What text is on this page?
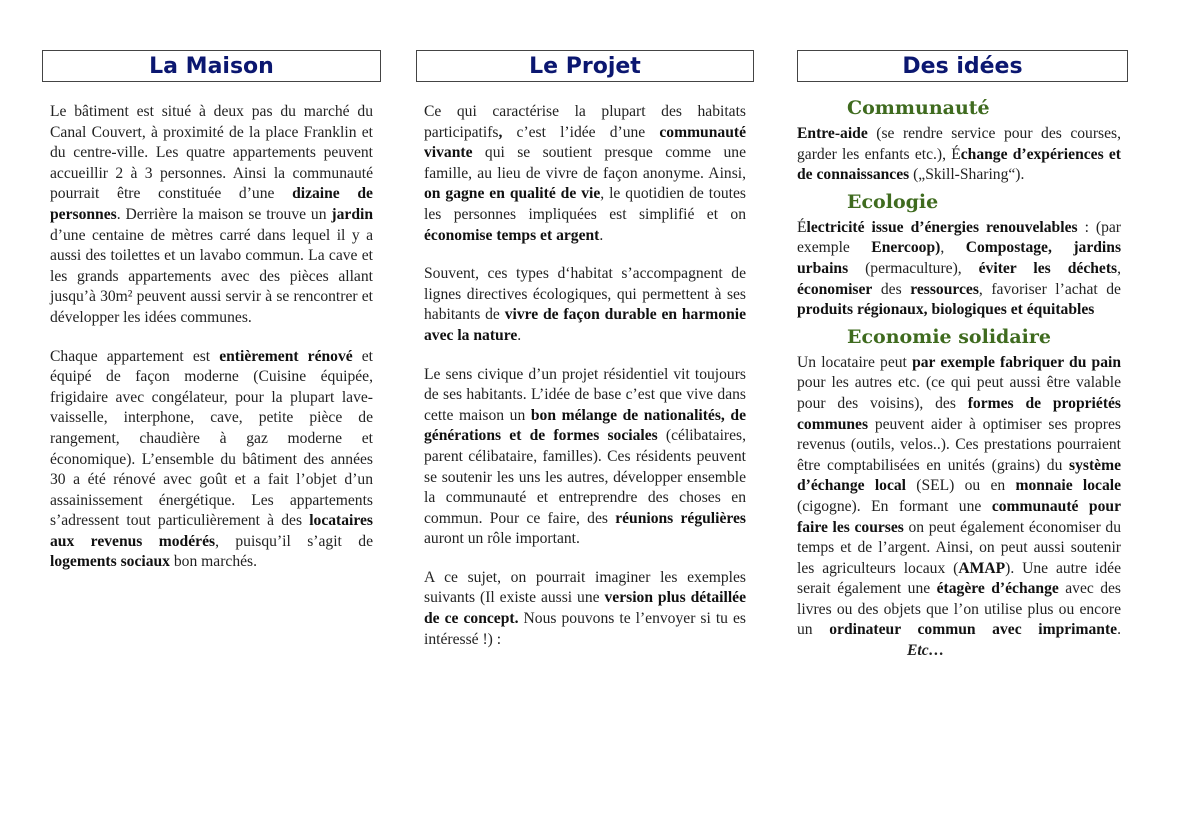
La Maison

Le bâtiment est situé à deux pas du marché du Canal Couvert, à proximité de la place Franklin et du centre-ville. Les quatre appartements peuvent accueillir 2 à 3 personnes. Ainsi la communauté pourrait être constituée d’une dizaine de personnes. Derrière la maison se trouve un jardin d’une centaine de mètres carré dans lequel il y a aussi des toilettes et un lavabo commun. La cave et les grands appartements avec des pièces allant jusqu’à 30m² peuvent aussi servir à se rencontrer et développer les idées communes.

Chaque appartement est entièrement rénové et équipé de façon moderne (Cuisine équipée, frigidaire avec congélateur, pour la plupart lave-vaisselle, interphone, cave, petite pièce de rangement, chaudière à gaz moderne et économique). L’ensemble du bâtiment des années 30 a été rénové avec goût et a fait l’objet d’un assainissement énergétique. Les appartements s’adressent tout particulièrement à des locataires aux revenus modérés, puisqu’il s’agit de logements sociaux bon marchés.

Le Projet

Ce qui caractérise la plupart des habitats participatifs, c’est l’idée d’une communauté vivante qui se soutient presque comme une famille, au lieu de vivre de façon anonyme. Ainsi, on gagne en qualité de vie, le quotidien de toutes les personnes impliquées est simplifié et on économise temps et argent.

Souvent, ces types d‘habitat s’accompagnent de lignes directives écologiques, qui permettent à ses habitants de vivre de façon durable en harmonie avec la nature.

Le sens civique d’un projet résidentiel vit toujours de ses habitants. L’idée de base c’est que vive dans cette maison un bon mélange de nationalités, de générations et de formes sociales (célibataires, parent célibataire, familles). Ces résidents peuvent se soutenir les uns les autres, développer ensemble la communauté et entreprendre des choses en commun. Pour ce faire, des réunions régulières auront un rôle important.

A ce sujet, on pourrait imaginer les exemples suivants (Il existe aussi une version plus détaillée de ce concept. Nous pouvons te l’envoyer si tu es intéressé !) :

Des idées
Communauté

Entre-aide (se rendre service pour des courses, garder les enfants etc.), Échange d’expériences et de connaissances („Skill-Sharing“).

Ecologie

Électricité issue d’énergies renouvelables : (par exemple Enercoop), Compostage, jardins urbains (permaculture), éviter les déchets, économiser des ressources, favoriser l’achat de produits régionaux, biologiques et équitables

Economie solidaire

Un locataire peut par exemple fabriquer du pain pour les autres etc. (ce qui peut aussi être valable pour des voisins), des formes de propriétés communes peuvent aider à optimiser ses propres revenus (outils, velos..). Ces prestations pourraient être comptabilisées en unités (grains) du système d’échange local (SEL) ou en monnaie locale (cigogne). En formant une communauté pour faire les courses on peut également économiser du temps et de l’argent. Ainsi, on peut aussi soutenir les agriculteurs locaux (AMAP). Une autre idée serait également une étagère d’échange avec des livres ou des objets que l’on utilise plus ou encore un ordinateur commun avec imprimante.Etc…
